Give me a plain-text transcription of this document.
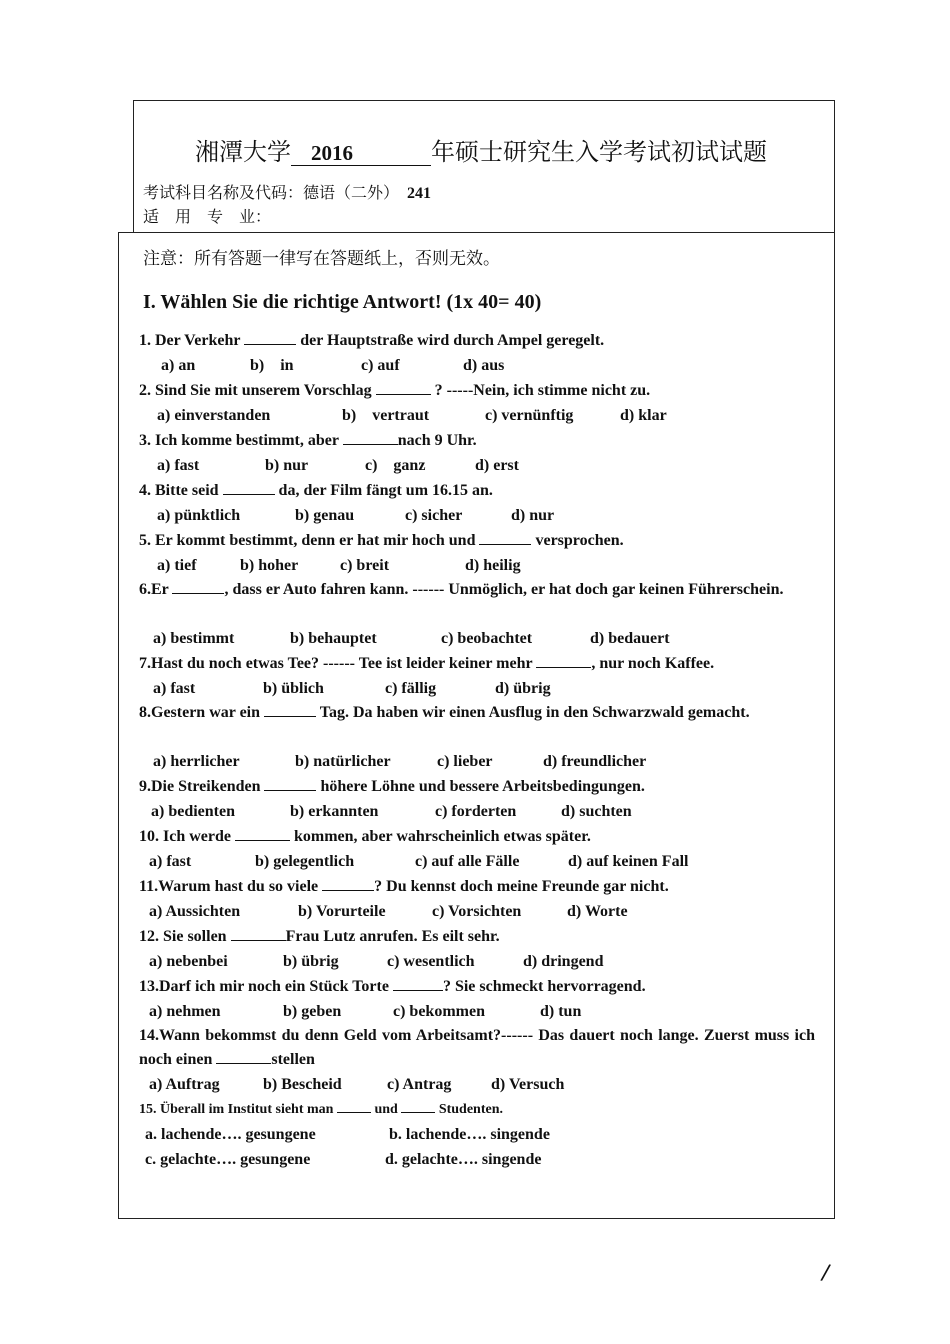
湘潭大学 2016	年硕士研究生入学考试初试试题
考试科目名称及代码：德语（二外） 241
适　用　专　业：
注意：所有答题一律写在答题纸上，否则无效。
I. Wählen Sie die richtige Antwort! (1x 40= 40)
1. Der Verkehr	der Hauptstraße wird durch Ampel geregelt.
a) an	b)　in	c) auf	d) aus
2. Sind Sie mit unserem Vorschlag	? -----Nein, ich stimme nicht zu.
a) einverstanden	b)　vertraut	c) vernünftig	d) klar
3. Ich komme bestimmt, aber	nach 9 Uhr.
a) fast	b) nur	c)　ganz	d) erst
4. Bitte seid	da, der Film fängt um 16.15 an.
a) pünktlich	b) genau	c) sicher	d) nur
5. Er kommt bestimmt, denn er hat mir hoch und	versprochen.
a) tief	b) hoher	c) breit	d) heilig
6.Er	, dass er Auto fahren kann. ------ Unmöglich, er hat doch gar keinen Führerschein.
a) bestimmt	b) behauptet	c) beobachtet	d) bedauert
7.Hast du noch etwas Tee? ------ Tee ist leider keiner mehr	, nur noch Kaffee.
a) fast	b) üblich	c) fällig	d) übrig
8.Gestern war ein	Tag. Da haben wir einen Ausflug in den Schwarzwald gemacht.
a) herrlicher	b) natürlicher	c) lieber	d) freundlicher
9.Die Streikenden	höhere Löhne und bessere Arbeitsbedingungen.
a) bedienten	b) erkannten	c) forderten	d) suchten
10. Ich werde	kommen, aber wahrscheinlich etwas später.
a) fast	b) gelegentlich	c) auf alle Fälle	d) auf keinen Fall
11.Warum hast du so viele	? Du kennst doch meine Freunde gar nicht.
a) Aussichten	b) Vorurteile	c) Vorsichten	d) Worte
12. Sie sollen	Frau Lutz anrufen. Es eilt sehr.
a) nebenbei	b) übrig	c) wesentlich	d) dringend
13.Darf ich mir noch ein Stück Torte	? Sie schmeckt hervorragend.
a) nehmen	b) geben	c) bekommen	d) tun
14.Wann bekommst du denn Geld vom Arbeitsamt?------ Das dauert noch lange. Zuerst muss ich noch einen	stellen
a) Auftrag	b) Bescheid	c) Antrag d) Versuch
15. Überall im Institut sieht man	und	Studenten.
a. lachende…. gesungene	b. lachende…. singende
c. gelachte…. gesungene	d. gelachte…. singende
/
